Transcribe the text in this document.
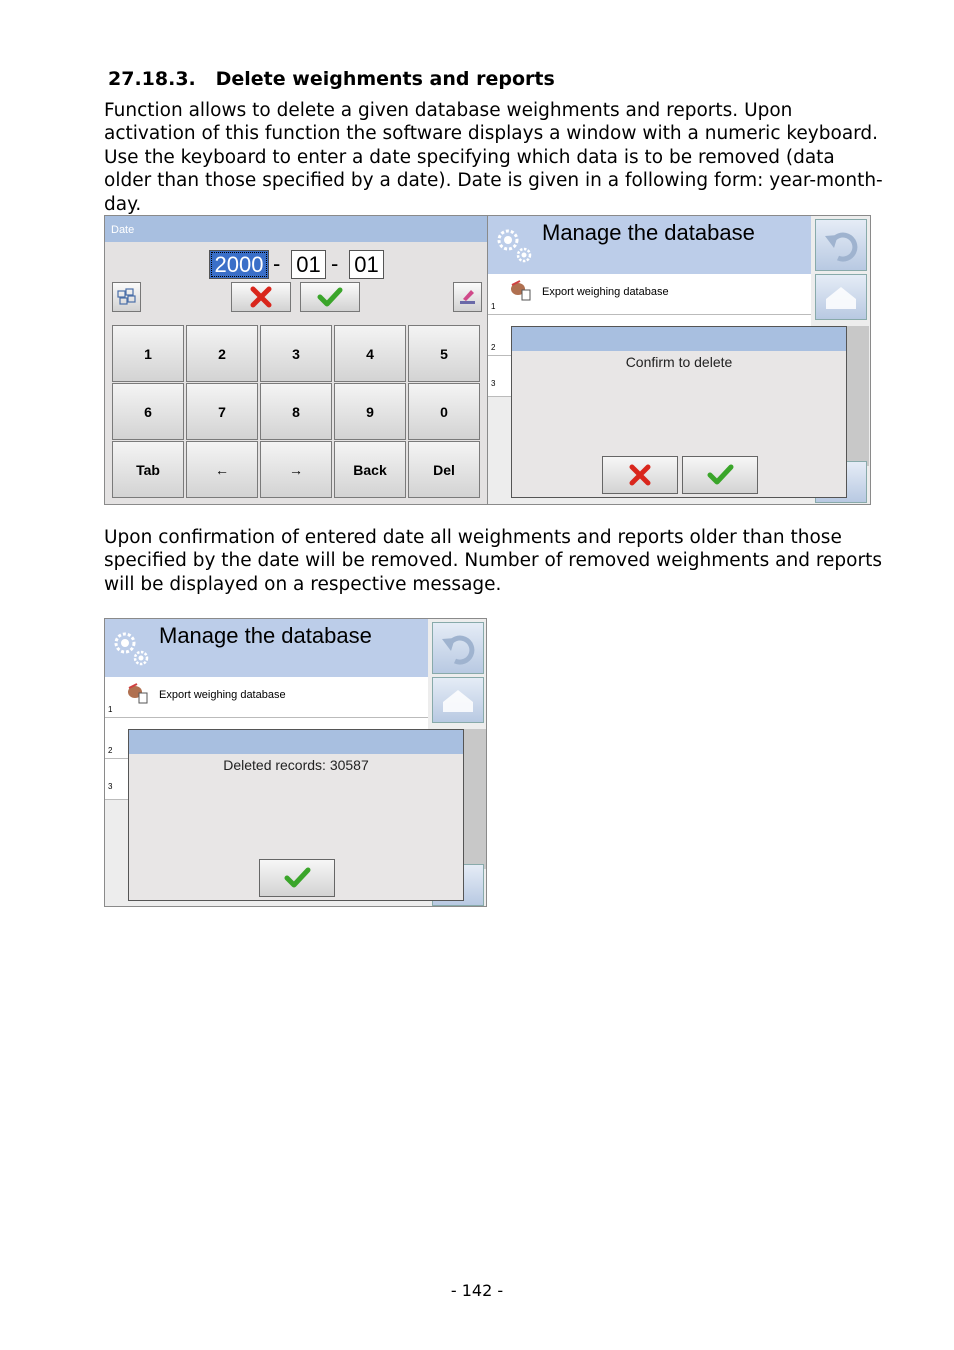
27.18.3. Delete weighments and reports
Function allows to delete a given database weighments and reports. Upon activation of this function the software displays a window with a numeric keyboard. Use the keyboard to enter a date specifying which data is to be removed (data older than those specified by a date). Date is given in a following form: year-month-day.
Date
2000 - 01 - 01
1	2	3	4	5
6	7	8	9	0
Tab	←	→	Back	Del
Manage the database
Export weighing database
1
2
3
Confirm to delete
Upon confirmation of entered date all weighments and reports older than those specified by the date will be removed. Number of removed weighments and reports will be displayed on a respective message.
Manage the database
Export weighing database
1
2
3
Deleted records: 30587
- 142 -
